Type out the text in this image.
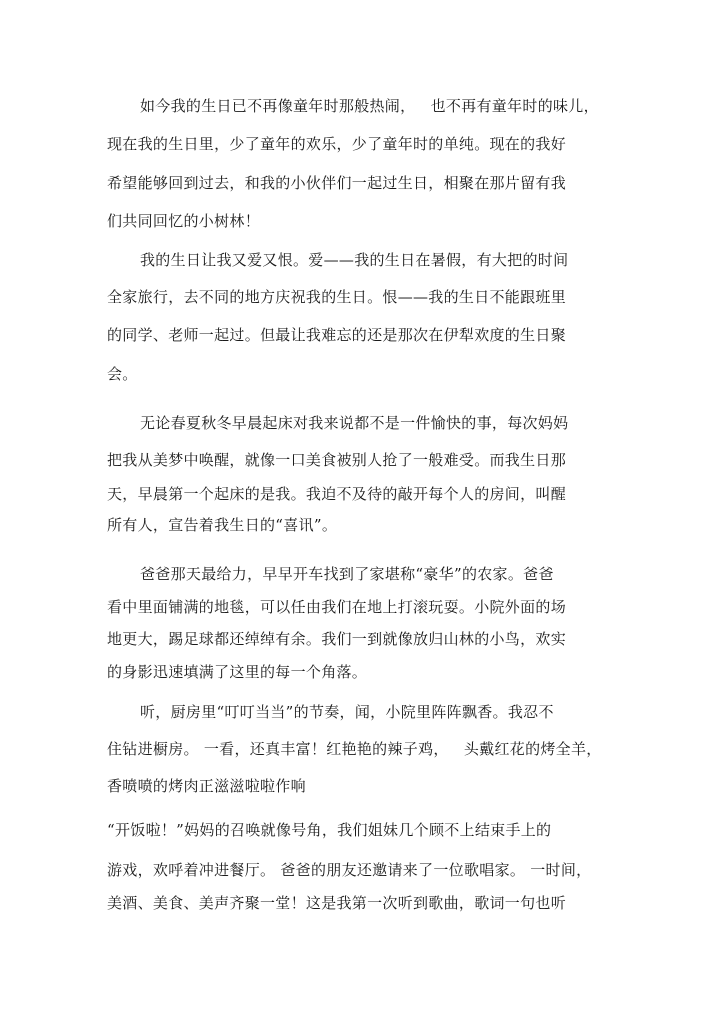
如今我的生日已不再像童年时那般热闹，   也不再有童年时的味儿，
现在我的生日里，少了童年的欢乐，少了童年时的单纯。现在的我好
希望能够回到过去，和我的小伙伴们一起过生日，相聚在那片留有我
们共同回忆的小树林！
我的生日让我又爱又恨。爱——我的生日在暑假，有大把的时间
全家旅行，去不同的地方庆祝我的生日。恨——我的生日不能跟班里
的同学、老师一起过。但最让我难忘的还是那次在伊犁欢度的生日聚
会。
无论春夏秋冬早晨起床对我来说都不是一件愉快的事，每次妈妈
把我从美梦中唤醒，就像一口美食被别人抢了一般难受。而我生日那
天，早晨第一个起床的是我。我迫不及待的敲开每个人的房间，叫醒
所有人，宣告着我生日的“喜讯”。
爸爸那天最给力，早早开车找到了家堪称“豪华”的农家。爸爸
看中里面铺满的地毯，可以任由我们在地上打滚玩耍。小院外面的场
地更大，踢足球都还绰绰有余。我们一到就像放归山林的小鸟，欢实
的身影迅速填满了这里的每一个角落。
听，厨房里“叮叮当当”的节奏，闻，小院里阵阵飘香。我忍不
住钻进橱房。 一看，还真丰富！红艳艳的辣子鸡，   头戴红花的烤全羊，
香喷喷的烤肉正滋滋啦啦作响
“开饭啦！”妈妈的召唤就像号角，我们姐妹几个顾不上结束手上的
游戏，欢呼着冲进餐厅。 爸爸的朋友还邀请来了一位歌唱家。 一时间，
美酒、美食、美声齐聚一堂！这是我第一次听到歌曲，歌词一句也听
